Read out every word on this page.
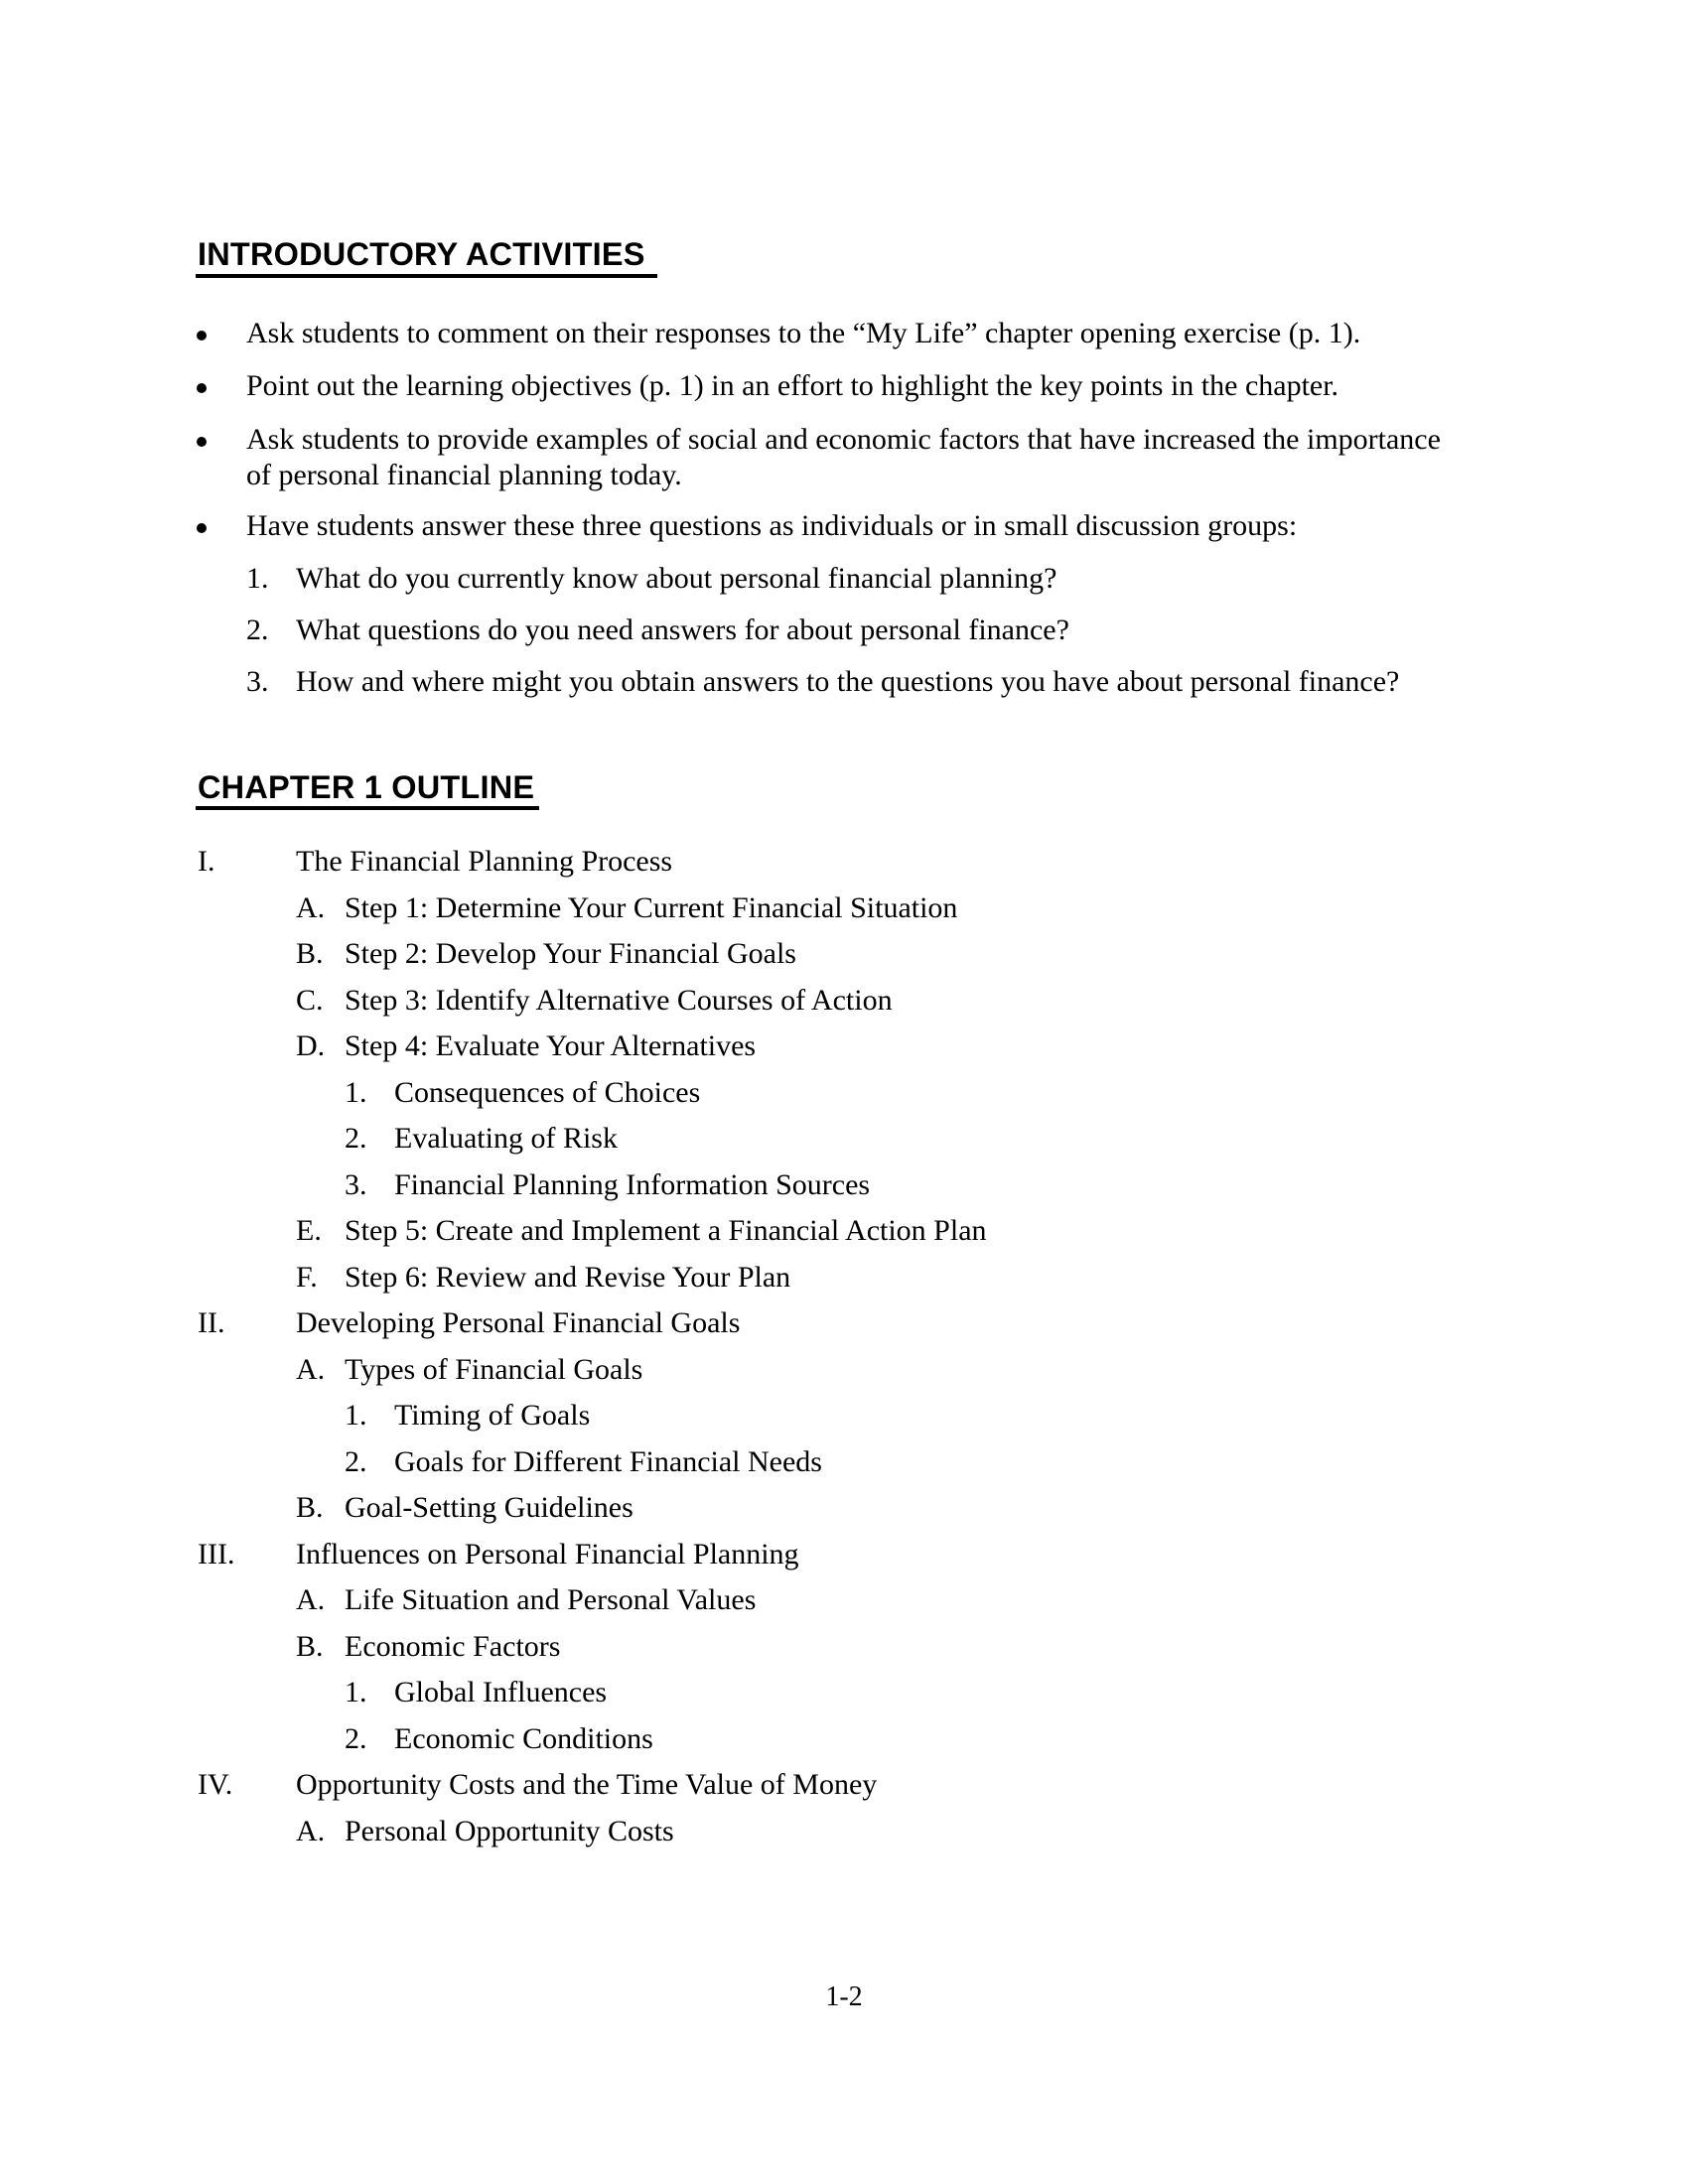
INTRODUCTORY ACTIVITIES
Ask students to comment on their responses to the “My Life” chapter opening exercise (p. 1).
Point out the learning objectives (p. 1) in an effort to highlight the key points in the chapter.
Ask students to provide examples of social and economic factors that have increased the importance
of personal financial planning today.
Have students answer these three questions as individuals or in small discussion groups:
1. What do you currently know about personal financial planning?
2. What questions do you need answers for about personal finance?
3. How and where might you obtain answers to the questions you have about personal finance?
CHAPTER 1 OUTLINE
I.	The Financial Planning Process
A. Step 1: Determine Your Current Financial Situation
B. Step 2: Develop Your Financial Goals
C. Step 3: Identify Alternative Courses of Action
D. Step 4: Evaluate Your Alternatives
1. Consequences of Choices
2. Evaluating of Risk
3. Financial Planning Information Sources
E. Step 5: Create and Implement a Financial Action Plan
F. Step 6: Review and Revise Your Plan
II. Developing Personal Financial Goals
A. Types of Financial Goals
1. Timing of Goals
2. Goals for Different Financial Needs
B. Goal-Setting Guidelines
III. Influences on Personal Financial Planning
A. Life Situation and Personal Values
B. Economic Factors
1. Global Influences
2. Economic Conditions
IV. Opportunity Costs and the Time Value of Money
A. Personal Opportunity Costs
1-2
